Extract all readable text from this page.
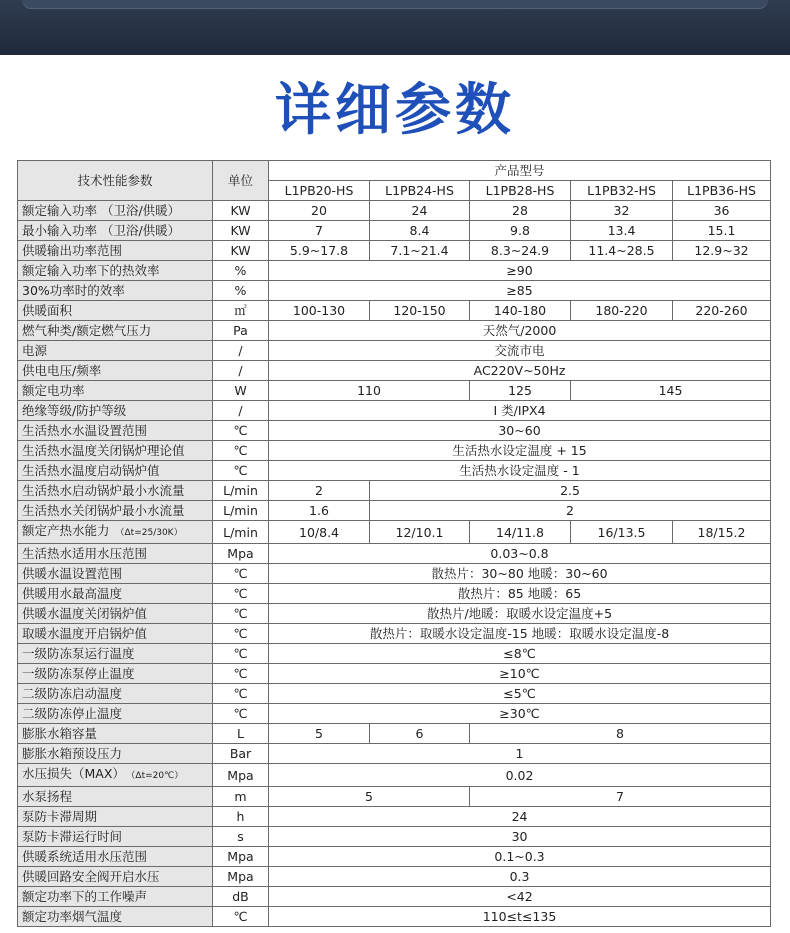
详细参数
技术性能参数	单位	产品型号				
		L1PB20-HS	L1PB24-HS	L1PB28-HS	L1PB32-HS	L1PB36-HS
额定输入功率 （卫浴/供暖）	KW	20	24	28	32	36
最小输入功率 （卫浴/供暖）	KW	7	8.4	9.8	13.4	15.1
供暖输出功率范围	KW	5.9~17.8	7.1~21.4	8.3~24.9	11.4~28.5	12.9~32
额定输入功率下的热效率	%	≥90				
30%功率时的效率	%	≥85				
供暖面积	㎡	100-130	120-150	140-180	180-220	220-260
燃气种类/额定燃气压力	Pa	天然气/2000				
电源	/	交流市电				
供电电压/频率	/	AC220V~50Hz				
额定电功率	W	110		125	145	
绝缘等级/防护等级	/	I 类/IPX4				
生活热水水温设置范围	℃	30~60				
生活热水温度关闭锅炉理论值	℃	生活热水设定温度 + 15				
生活热水温度启动锅炉值	℃	生活热水设定温度 - 1				
生活热水启动锅炉最小水流量	L/min	2	2.5			
生活热水关闭锅炉最小水流量	L/min	1.6	2			
额定产热水能力 （Δt=25/30K）	L/min	10/8.4	12/10.1	14/11.8	16/13.5	18/15.2
生活热水适用水压范围	Mpa	0.03~0.8				
供暖水温设置范围	℃	散热片：30~80 地暖：30~60				
供暖用水最高温度	℃	散热片：85 地暖：65				
供暖水温度关闭锅炉值	℃	散热片/地暖：取暖水设定温度+5				
取暖水温度开启锅炉值	℃	散热片：取暖水设定温度-15 地暖：取暖水设定温度-8				
一级防冻泵运行温度	℃	≤8℃				
一级防冻泵停止温度	℃	≥10℃				
二级防冻启动温度	℃	≤5℃				
二级防冻停止温度	℃	≥30℃				
膨胀水箱容量	L	5	6	8		
膨胀水箱预设压力	Bar	1				
水压损失（MAX） （Δt=20℃）	Mpa	0.02				
水泵扬程	m	5		7		
泵防卡滞周期	h	24				
泵防卡滞运行时间	s	30				
供暖系统适用水压范围	Mpa	0.1~0.3				
供暖回路安全阀开启水压	Mpa	0.3				
额定功率下的工作噪声	dB	<42				
额定功率烟气温度	℃	110≤t≤135				
